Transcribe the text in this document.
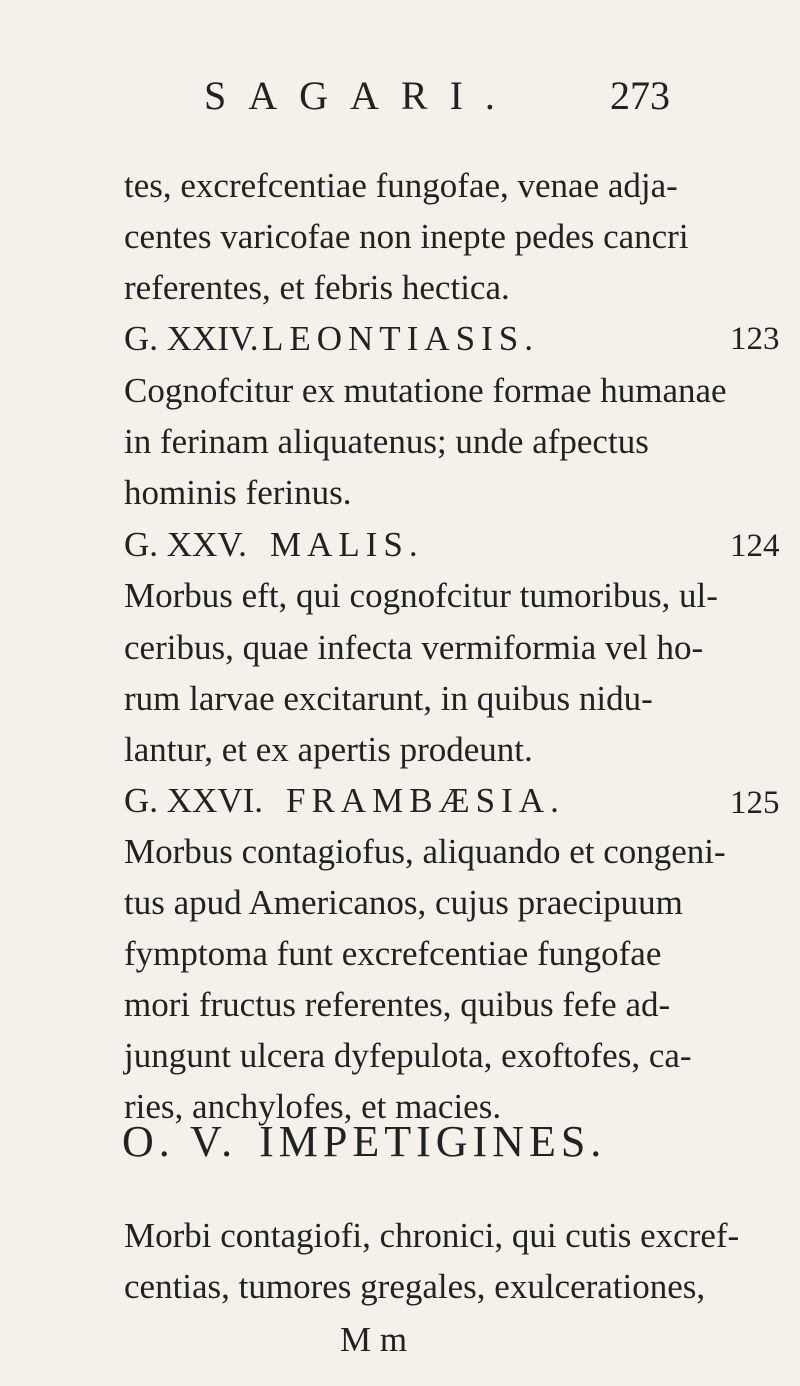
SAGARI. 273
tes, excrefcentiae fungofae, venae adja-
centes varicofae non inepte pedes cancri
referentes, et febris hectica.
G. XXIV. LEONTIASIS.	123
Cognofcitur ex mutatione formae humanae
in ferinam aliquatenus; unde afpectus
hominis ferinus.
G. XXV. MALIS.	124
Morbus eft, qui cognofcitur tumoribus, ul-
ceribus, quae infecta vermiformia vel ho-
rum larvae excitarunt, in quibus nidu-
lantur, et ex apertis prodeunt.
G. XXVI. FRAMBÆSIA.	125
Morbus contagiofus, aliquando et congeni-
tus apud Americanos, cujus praecipuum
fymptoma funt excrefcentiae fungofae
mori fructus referentes, quibus fefe ad-
jungunt ulcera dyfepulota, exoftofes, ca-
ries, anchylofes, et macies.
O. V. IMPETIGINES.
Morbi contagiofi, chronici, qui cutis excref-
centias, tumores gregales, exulcerationes,
M m
